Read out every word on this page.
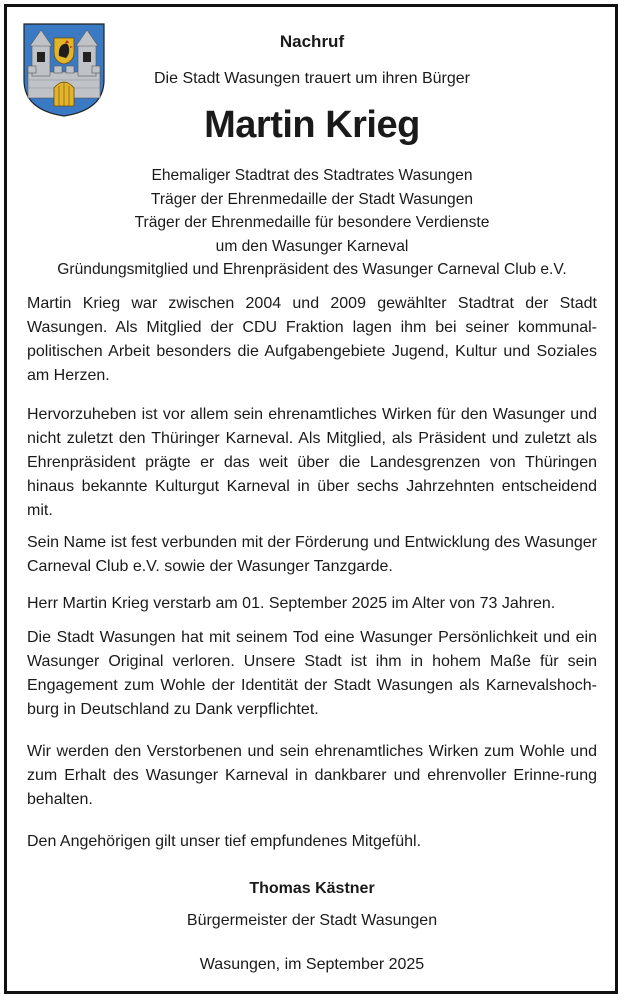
Nachruf
Die Stadt Wasungen trauert um ihren Bürger
Martin Krieg
Ehemaliger Stadtrat des Stadtrates Wasungen
Träger der Ehrenmedaille der Stadt Wasungen
Träger der Ehrenmedaille für besondere Verdienste
um den Wasunger Karneval
Gründungsmitglied und Ehrenpräsident des Wasunger Carneval Club e.V.

Martin Krieg war zwischen 2004 und 2009 gewählter Stadtrat der Stadt Wasungen. Als Mitglied der CDU Fraktion lagen ihm bei seiner kommunal-politischen Arbeit besonders die Aufgabengebiete Jugend, Kultur und Soziales am Herzen.

Hervorzuheben ist vor allem sein ehrenamtliches Wirken für den Wasunger und nicht zuletzt den Thüringer Karneval. Als Mitglied, als Präsident und zuletzt als Ehrenpräsident prägte er das weit über die Landesgrenzen von Thüringen hinaus bekannte Kulturgut Karneval in über sechs Jahrzehnten entscheidend mit.

Sein Name ist fest verbunden mit der Förderung und Entwicklung des Wasunger Carneval Club e.V. sowie der Wasunger Tanzgarde.

Herr Martin Krieg verstarb am 01. September 2025 im Alter von 73 Jahren.

Die Stadt Wasungen hat mit seinem Tod eine Wasunger Persönlichkeit und ein Wasunger Original verloren. Unsere Stadt ist ihm in hohem Maße für sein Engagement zum Wohle der Identität der Stadt Wasungen als Karnevalshoch-burg in Deutschland zu Dank verpflichtet.

Wir werden den Verstorbenen und sein ehrenamtliches Wirken zum Wohle und zum Erhalt des Wasunger Karneval in dankbarer und ehrenvoller Erinne-rung behalten.

Den Angehörigen gilt unser tief empfundenes Mitgefühl.

Thomas Kästner
Bürgermeister der Stadt Wasungen
Wasungen, im September 2025
